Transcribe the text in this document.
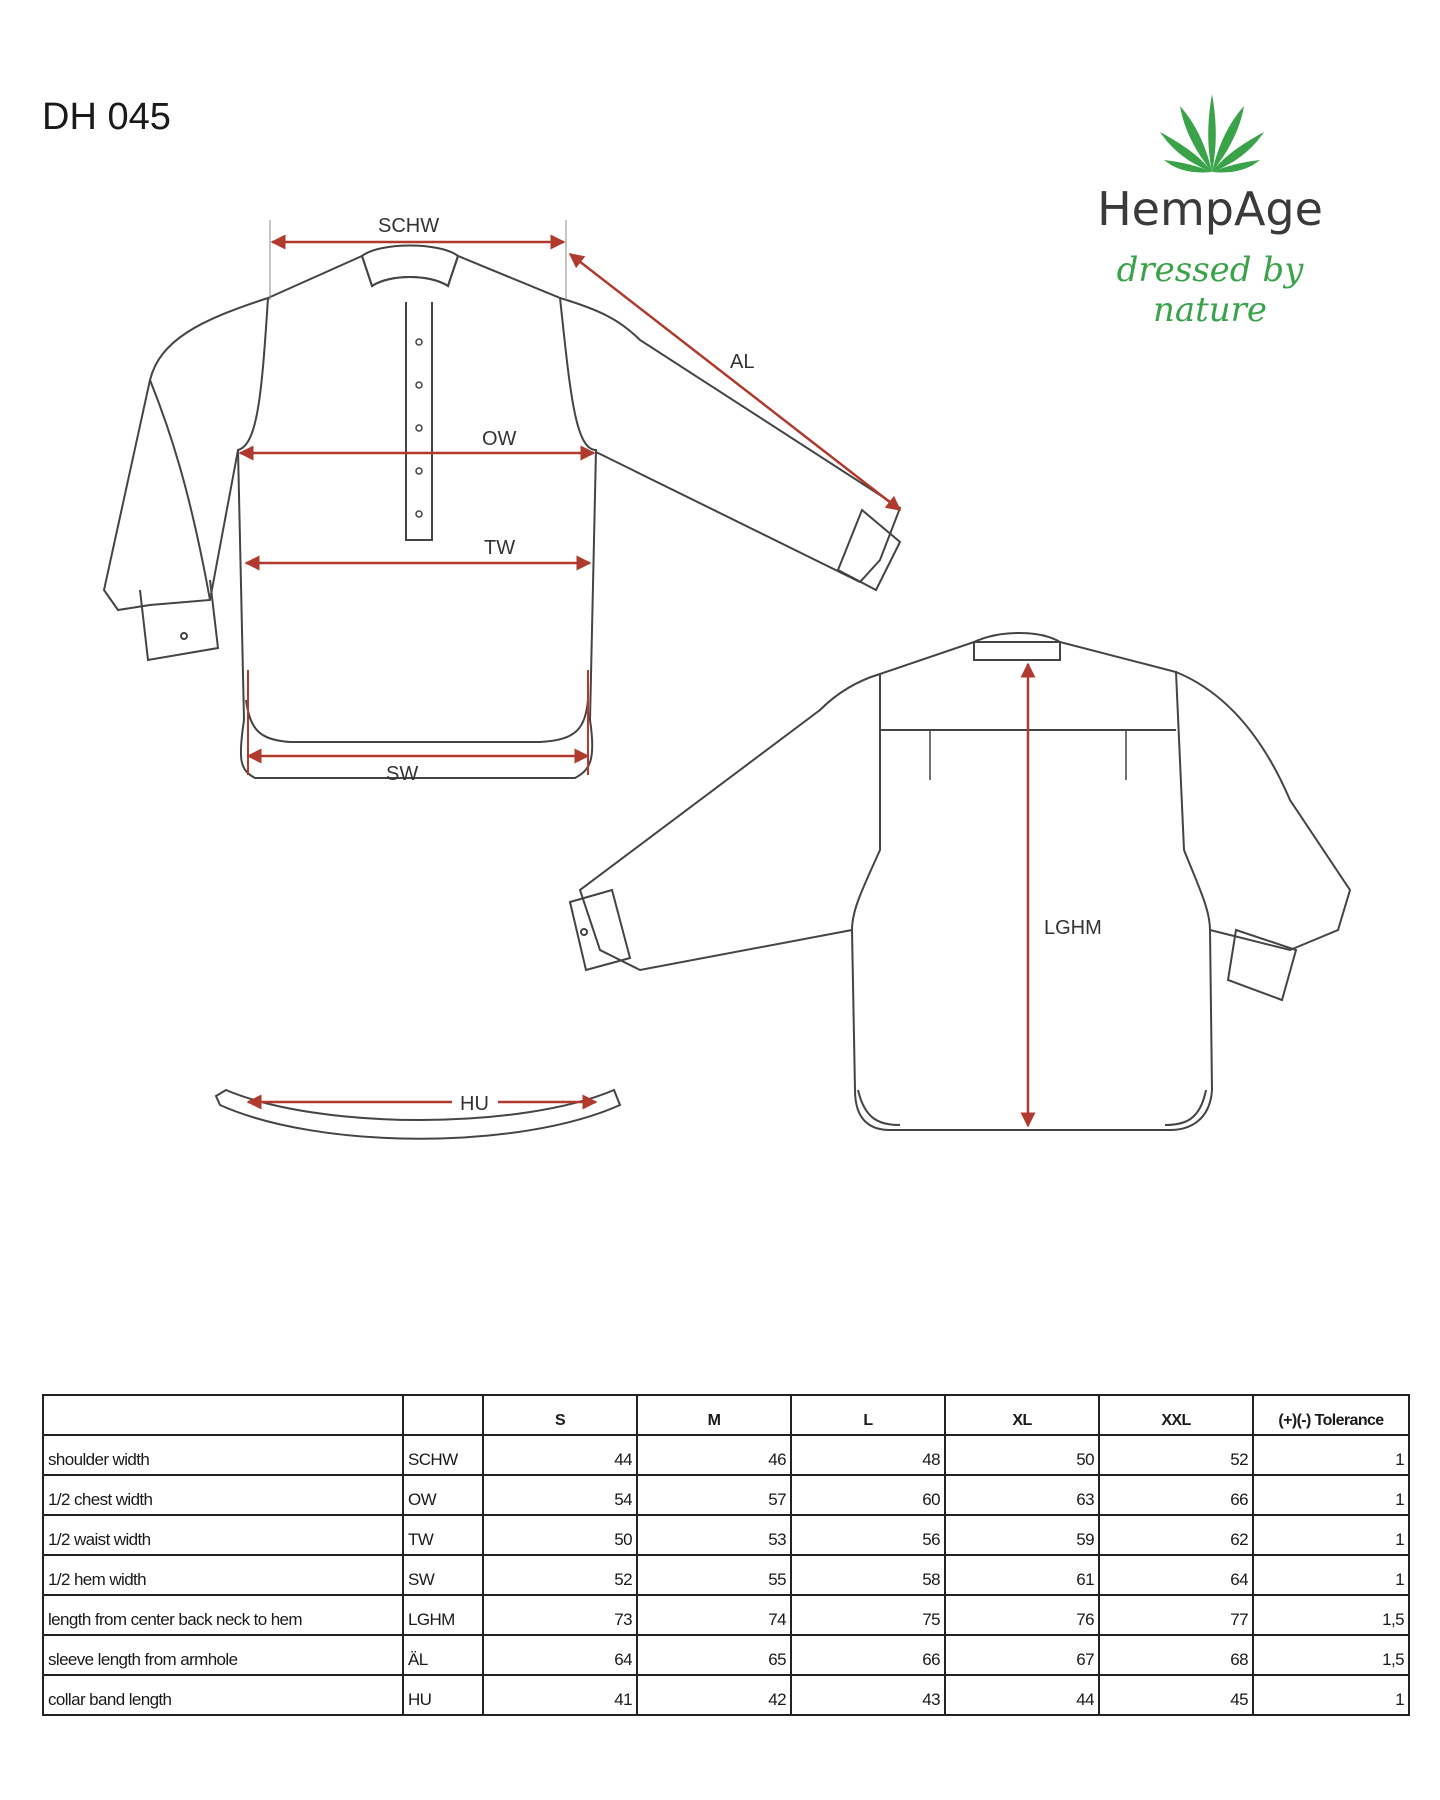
DH 045
HempAge
dressed by nature
SCHW
AL
OW
TW
SW
LGHM
HU
		S	M	L	XL	XXL	(+)(-) Tolerance
shoulder width	SCHW	44	46	48	50	52	1
1/2 chest width	OW	54	57	60	63	66	1
1/2 waist width	TW	50	53	56	59	62	1
1/2 hem width	SW	52	55	58	61	64	1
length from center back neck to hem	LGHM	73	74	75	76	77	1,5
sleeve length from armhole	ÄL	64	65	66	67	68	1,5
collar band length	HU	41	42	43	44	45	1
